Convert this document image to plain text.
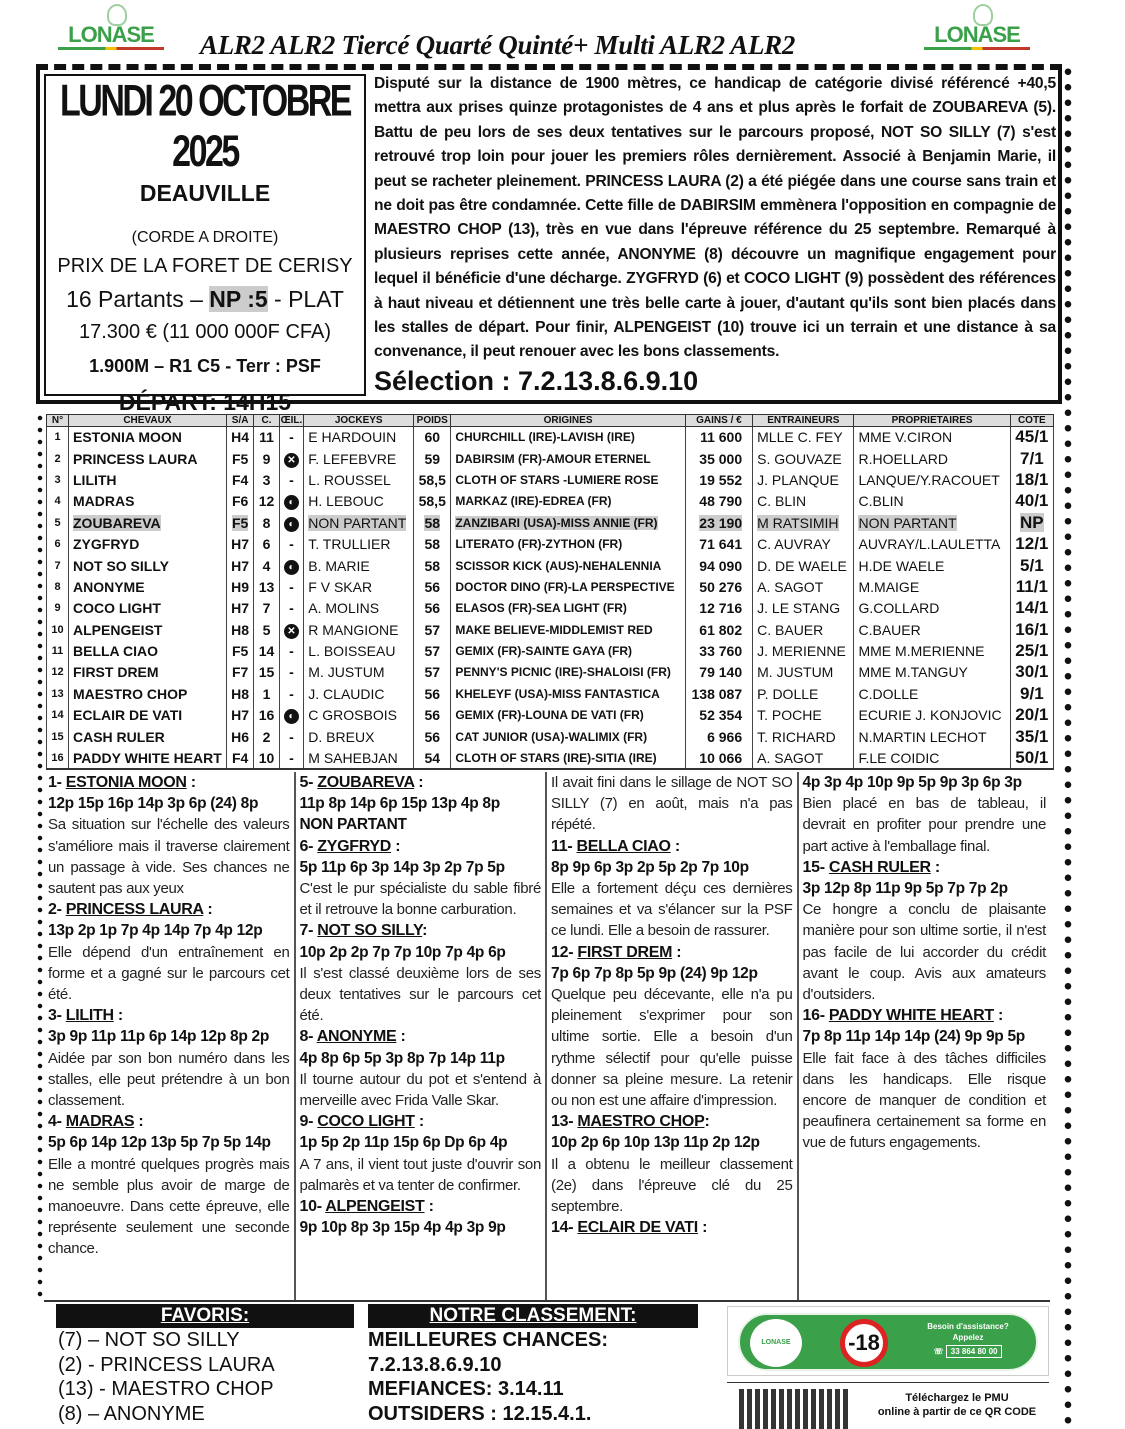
LONASE	LONASE
ALR2 ALR2 Tiercé Quarté Quinté+ Multi ALR2 ALR2
LUNDI 20 OCTOBRE 2025
DEAUVILLE
(CORDE A DROITE)
PRIX DE LA FORET DE CERISY
16 Partants – NP :5 - PLAT
17.300 € (11 000 000F CFA)
1.900M – R1 C5 - Terr : PSF
DÉPART: 14H15
Disputé sur la distance de 1900 mètres, ce handicap de catégorie divisé référencé +40,5 mettra aux prises quinze protagonistes de 4 ans et plus après le forfait de ZOUBAREVA (5). Battu de peu lors de ses deux tentatives sur le parcours proposé, NOT SO SILLY (7) s'est retrouvé trop loin pour jouer les premiers rôles dernièrement. Associé à Benjamin Marie, il peut se racheter pleinement. PRINCESS LAURA (2) a été piégée dans une course sans train et ne doit pas être condamnée. Cette fille de DABIRSIM emmènera l'opposition en compagnie de MAESTRO CHOP (13), très en vue dans l'épreuve référence du 25 septembre. Remarqué à plusieurs reprises cette année, ANONYME (8) découvre un magnifique engagement pour lequel il bénéficie d'une décharge. ZYGFRYD (6) et COCO LIGHT (9) possèdent des références à haut niveau et détiennent une très belle carte à jouer, d'autant qu'ils sont bien placés dans les stalles de départ. Pour finir, ALPENGEIST (10) trouve ici un terrain et une distance à sa convenance, il peut renouer avec les bons classements.
Sélection : 7.2.13.8.6.9.10
N°	CHEVAUX	S/A	C.	ŒIL.	JOCKEYS	POIDS	ORIGINES	GAINS / €	ENTRAINEURS	PROPRIETAIRES	COTE
1	ESTONIA MOON	H4	11	-	E HARDOUIN	60	CHURCHILL (IRE)-LAVISH (IRE)	11 600	MLLE C. FEY	MME V.CIRON	45/1
2	PRINCESS LAURA	F5	9	✕	F. LEFEBVRE	59	DABIRSIM (FR)-AMOUR ETERNEL	35 000	S. GOUVAZE	R.HOELLARD	7/1
3	LILITH	F4	3	-	L. ROUSSEL	58,5	CLOTH OF STARS -LUMIERE ROSE	19 552	J. PLANQUE	LANQUE/Y.RACOUET	18/1
4	MADRAS	F6	12	◐	H. LEBOUC	58,5	MARKAZ (IRE)-EDREA (FR)	48 790	C. BLIN	C.BLIN	40/1
5	ZOUBAREVA	F5	8	◐	NON PARTANT	58	ZANZIBARI (USA)-MISS ANNIE (FR)	23 190	M RATSIMIH	NON PARTANT	NP
6	ZYGFRYD	H7	6	-	T. TRULLIER	58	LITERATO (FR)-ZYTHON (FR)	71 641	C. AUVRAY	AUVRAY/L.LAULETTA	12/1
7	NOT SO SILLY	H7	4	◐	B. MARIE	58	SCISSOR KICK (AUS)-NEHALENNIA	94 090	D. DE WAELE	H.DE WAELE	5/1
8	ANONYME	H9	13	-	F V SKAR	56	DOCTOR DINO (FR)-LA PERSPECTIVE	50 276	A. SAGOT	M.MAIGE	11/1
9	COCO LIGHT	H7	7	-	A. MOLINS	56	ELASOS (FR)-SEA LIGHT (FR)	12 716	J. LE STANG	G.COLLARD	14/1
10	ALPENGEIST	H8	5	✕	R MANGIONE	57	MAKE BELIEVE-MIDDLEMIST RED	61 802	C. BAUER	C.BAUER	16/1
11	BELLA CIAO	F5	14	-	L. BOISSEAU	57	GEMIX (FR)-SAINTE GAYA (FR)	33 760	J. MERIENNE	MME M.MERIENNE	25/1
12	FIRST DREM	F7	15	-	M. JUSTUM	57	PENNY'S PICNIC (IRE)-SHALOISI (FR)	79 140	M. JUSTUM	MME M.TANGUY	30/1
13	MAESTRO CHOP	H8	1	-	J. CLAUDIC	56	KHELEYF (USA)-MISS FANTASTICA	138 087	P. DOLLE	C.DOLLE	9/1
14	ECLAIR DE VATI	H7	16	◐	C GROSBOIS	56	GEMIX (FR)-LOUNA DE VATI (FR)	52 354	T. POCHE	ECURIE J. KONJOVIC	20/1
15	CASH RULER	H6	2	-	D. BREUX	56	CAT JUNIOR (USA)-WALIMIX (FR)	6 966	T. RICHARD	N.MARTIN LECHOT	35/1
16	PADDY WHITE HEART	F4	10	-	M SAHEBJAN	54	CLOTH OF STARS (IRE)-SITIA (IRE)	10 066	A. SAGOT	F.LE COIDIC	50/1
1- ESTONIA MOON :
12p 15p 16p 14p 3p 6p (24) 8p
Sa situation sur l'échelle des valeurs s'améliore mais il traverse clairement un passage à vide. Ses chances ne sautent pas aux yeux
2- PRINCESS LAURA :
13p 2p 1p 7p 4p 14p 7p 4p 12p
Elle dépend d'un entraînement en forme et a gagné sur le parcours cet été.
3- LILITH :
3p 9p 11p 11p 6p 14p 12p 8p 2p
Aidée par son bon numéro dans les stalles, elle peut prétendre à un bon classement.
4- MADRAS :
5p 6p 14p 12p 13p 5p 7p 5p 14p
Elle a montré quelques progrès mais ne semble plus avoir de marge de manoeuvre. Dans cette épreuve, elle représente seulement une seconde chance.
5- ZOUBAREVA :
11p 8p 14p 6p 15p 13p 4p 8p
NON PARTANT
6- ZYGFRYD :
5p 11p 6p 3p 14p 3p 2p 7p 5p
C'est le pur spécialiste du sable fibré et il retrouve la bonne carburation.
7- NOT SO SILLY:
10p 2p 2p 7p 7p 10p 7p 4p 6p
Il s'est classé deuxième lors de ses deux tentatives sur le parcours cet été.
8- ANONYME :
4p 8p 6p 5p 3p 8p 7p 14p 11p
Il tourne autour du pot et s'entend à merveille avec Frida Valle Skar.
9- COCO LIGHT :
1p 5p 2p 11p 15p 6p Dp 6p 4p
A 7 ans, il vient tout juste d'ouvrir son palmarès et va tenter de confirmer.
10- ALPENGEIST :
9p 10p 8p 3p 15p 4p 4p 3p 9p
Il avait fini dans le sillage de NOT SO SILLY (7) en août, mais n'a pas répété.
11- BELLA CIAO :
8p 9p 6p 3p 2p 5p 2p 7p 10p
Elle a fortement déçu ces dernières semaines et va s'élancer sur la PSF ce lundi. Elle a besoin de rassurer.
12- FIRST DREM :
7p 6p 7p 8p 5p 9p (24) 9p 12p
Quelque peu décevante, elle n'a pu pleinement s'exprimer pour son ultime sortie. Elle a besoin d'un rythme sélectif pour qu'elle puisse donner sa pleine mesure. La retenir ou non est une affaire d'impression.
13- MAESTRO CHOP:
10p 2p 6p 10p 13p 11p 2p 12p
Il a obtenu le meilleur classement (2e) dans l'épreuve clé du 25 septembre.
14- ECLAIR DE VATI :
4p 3p 4p 10p 9p 5p 9p 3p 6p 3p
Bien placé en bas de tableau, il devrait en profiter pour prendre une part active à l'emballage final.
15- CASH RULER :
3p 12p 8p 11p 9p 5p 7p 7p 2p
Ce hongre a conclu de plaisante manière pour son ultime sortie, il n'est pas facile de lui accorder du crédit avant le coup. Avis aux amateurs d'outsiders.
16- PADDY WHITE HEART :
7p 8p 11p 14p 14p (24) 9p 9p 5p
Elle fait face à des tâches difficiles dans les handicaps. Elle risque encore de manquer de condition et peaufinera certainement sa forme en vue de futurs engagements.
FAVORIS:
(7) – NOT SO SILLY
(2) - PRINCESS LAURA
(13) - MAESTRO CHOP
(8) – ANONYME
NOTRE CLASSEMENT:
MEILLEURES CHANCES:
7.2.13.8.6.9.10
MEFIANCES: 3.14.11
OUTSIDERS : 12.15.4.1.
LONASE	-18
Besoin d'assistance?
Appelez
☏ 33 864 80 00
Téléchargez le PMU
online à partir de ce QR CODE
